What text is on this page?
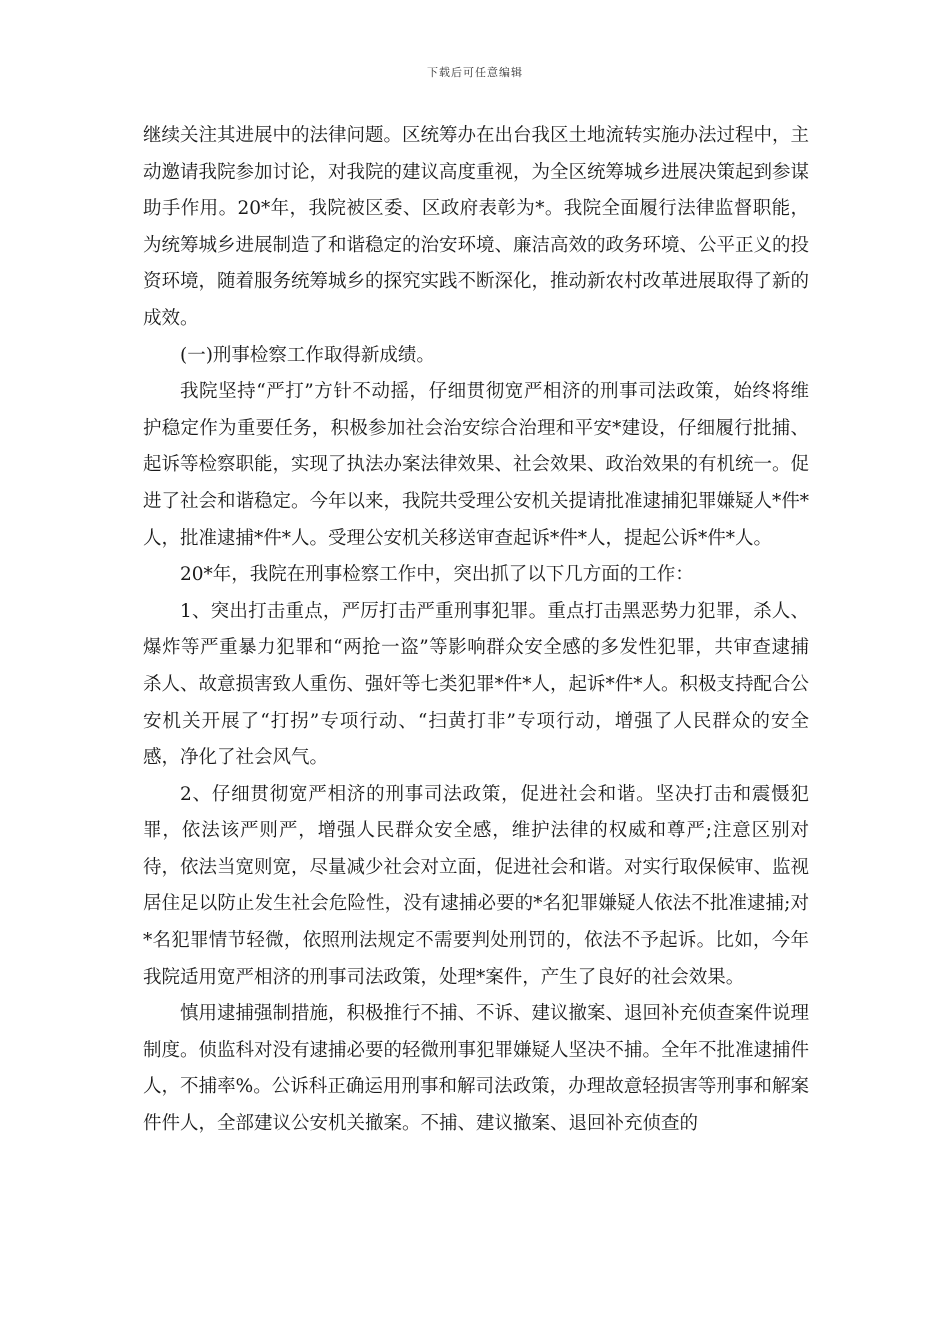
下载后可任意编辑

继续关注其进展中的法律问题。区统筹办在出台我区土地流转实施办法过程中，主动邀请我院参加讨论，对我院的建议高度重视，为全区统筹城乡进展决策起到参谋助手作用。20*年，我院被区委、区政府表彰为*。我院全面履行法律监督职能，为统筹城乡进展制造了和谐稳定的治安环境、廉洁高效的政务环境、公平正义的投资环境，随着服务统筹城乡的探究实践不断深化，推动新农村改革进展取得了新的成效。

(一)刑事检察工作取得新成绩。

我院坚持“严打”方针不动摇，仔细贯彻宽严相济的刑事司法政策，始终将维护稳定作为重要任务，积极参加社会治安综合治理和平安*建设，仔细履行批捕、起诉等检察职能，实现了执法办案法律效果、社会效果、政治效果的有机统一。促进了社会和谐稳定。今年以来，我院共受理公安机关提请批准逮捕犯罪嫌疑人*件*人，批准逮捕*件*人。受理公安机关移送审查起诉*件*人，提起公诉*件*人。

20*年，我院在刑事检察工作中，突出抓了以下几方面的工作：

1、突出打击重点，严厉打击严重刑事犯罪。重点打击黑恶势力犯罪，杀人、爆炸等严重暴力犯罪和“两抢一盗”等影响群众安全感的多发性犯罪，共审查逮捕杀人、故意损害致人重伤、强奸等七类犯罪*件*人，起诉*件*人。积极支持配合公安机关开展了“打拐”专项行动、“扫黄打非”专项行动，增强了人民群众的安全感，净化了社会风气。

2、仔细贯彻宽严相济的刑事司法政策，促进社会和谐。坚决打击和震慑犯罪，依法该严则严，增强人民群众安全感，维护法律的权威和尊严;注意区别对待，依法当宽则宽，尽量减少社会对立面，促进社会和谐。对实行取保候审、监视居住足以防止发生社会危险性，没有逮捕必要的*名犯罪嫌疑人依法不批准逮捕;对*名犯罪情节轻微，依照刑法规定不需要判处刑罚的，依法不予起诉。比如，今年我院适用宽严相济的刑事司法政策，处理*案件，产生了良好的社会效果。

慎用逮捕强制措施，积极推行不捕、不诉、建议撤案、退回补充侦查案件说理制度。侦监科对没有逮捕必要的轻微刑事犯罪嫌疑人坚决不捕。全年不批准逮捕件人，不捕率%。公诉科正确运用刑事和解司法政策，办理故意轻损害等刑事和解案件件人，全部建议公安机关撤案。不捕、建议撤案、退回补充侦查的
